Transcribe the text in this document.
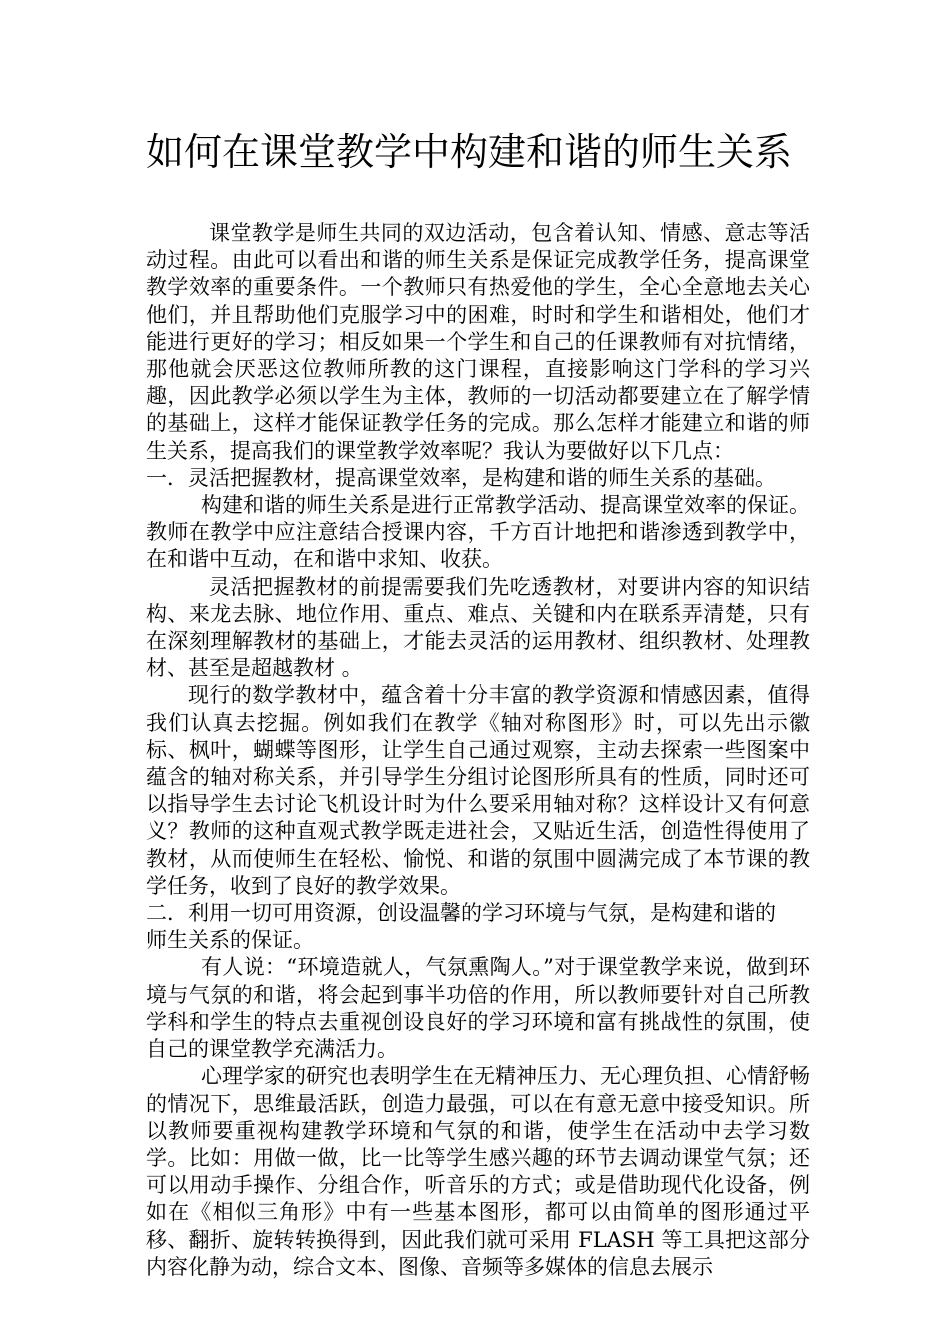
如何在课堂教学中构建和谐的师生关系

课堂教学是师生共同的双边活动，包含着认知、情感、意志等活动过程。由此可以看出和谐的师生关系是保证完成教学任务，提高课堂教学效率的重要条件。一个教师只有热爱他的学生，全心全意地去关心他们，并且帮助他们克服学习中的困难，时时和学生和谐相处，他们才能进行更好的学习；相反如果一个学生和自己的任课教师有对抗情绪，那他就会厌恶这位教师所教的这门课程，直接影响这门学科的学习兴趣，因此教学必须以学生为主体，教师的一切活动都要建立在了解学情的基础上，这样才能保证教学任务的完成。那么怎样才能建立和谐的师生关系，提高我们的课堂教学效率呢？我认为要做好以下几点：

一．灵活把握教材，提高课堂效率，是构建和谐的师生关系的基础。

构建和谐的师生关系是进行正常教学活动、提高课堂效率的保证。教师在教学中应注意结合授课内容，千方百计地把和谐渗透到教学中，在和谐中互动，在和谐中求知、收获。

灵活把握教材的前提需要我们先吃透教材，对要讲内容的知识结构、来龙去脉、地位作用、重点、难点、关键和内在联系弄清楚，只有在深刻理解教材的基础上，才能去灵活的运用教材、组织教材、处理教材、甚至是超越教材 。

现行的数学教材中，蕴含着十分丰富的教学资源和情感因素，值得我们认真去挖掘。例如我们在教学《轴对称图形》时，可以先出示徽标、枫叶，蝴蝶等图形，让学生自己通过观察，主动去探索一些图案中蕴含的轴对称关系，并引导学生分组讨论图形所具有的性质，同时还可以指导学生去讨论飞机设计时为什么要采用轴对称？这样设计又有何意义？教师的这种直观式教学既走进社会，又贴近生活，创造性得使用了教材，从而使师生在轻松、愉悦、和谐的氛围中圆满完成了本节课的教学任务，收到了良好的教学效果。

二．利用一切可用资源，创设温馨的学习环境与气氛，是构建和谐的

师生关系的保证。

有人说：“环境造就人，气氛熏陶人。”对于课堂教学来说，做到环境与气氛的和谐，将会起到事半功倍的作用，所以教师要针对自己所教学科和学生的特点去重视创设良好的学习环境和富有挑战性的氛围，使自己的课堂教学充满活力。

心理学家的研究也表明学生在无精神压力、无心理负担、心情舒畅的情况下，思维最活跃，创造力最强，可以在有意无意中接受知识。所以教师要重视构建教学环境和气氛的和谐，使学生在活动中去学习数学。比如：用做一做，比一比等学生感兴趣的环节去调动课堂气氛；还可以用动手操作、分组合作，听音乐的方式；或是借助现代化设备，例如在《相似三角形》中有一些基本图形，都可以由简单的图形通过平移、翻折、旋转转换得到，因此我们就可采用 FLASH 等工具把这部分内容化静为动，综合文本、图像、音频等多媒体的信息去展示
